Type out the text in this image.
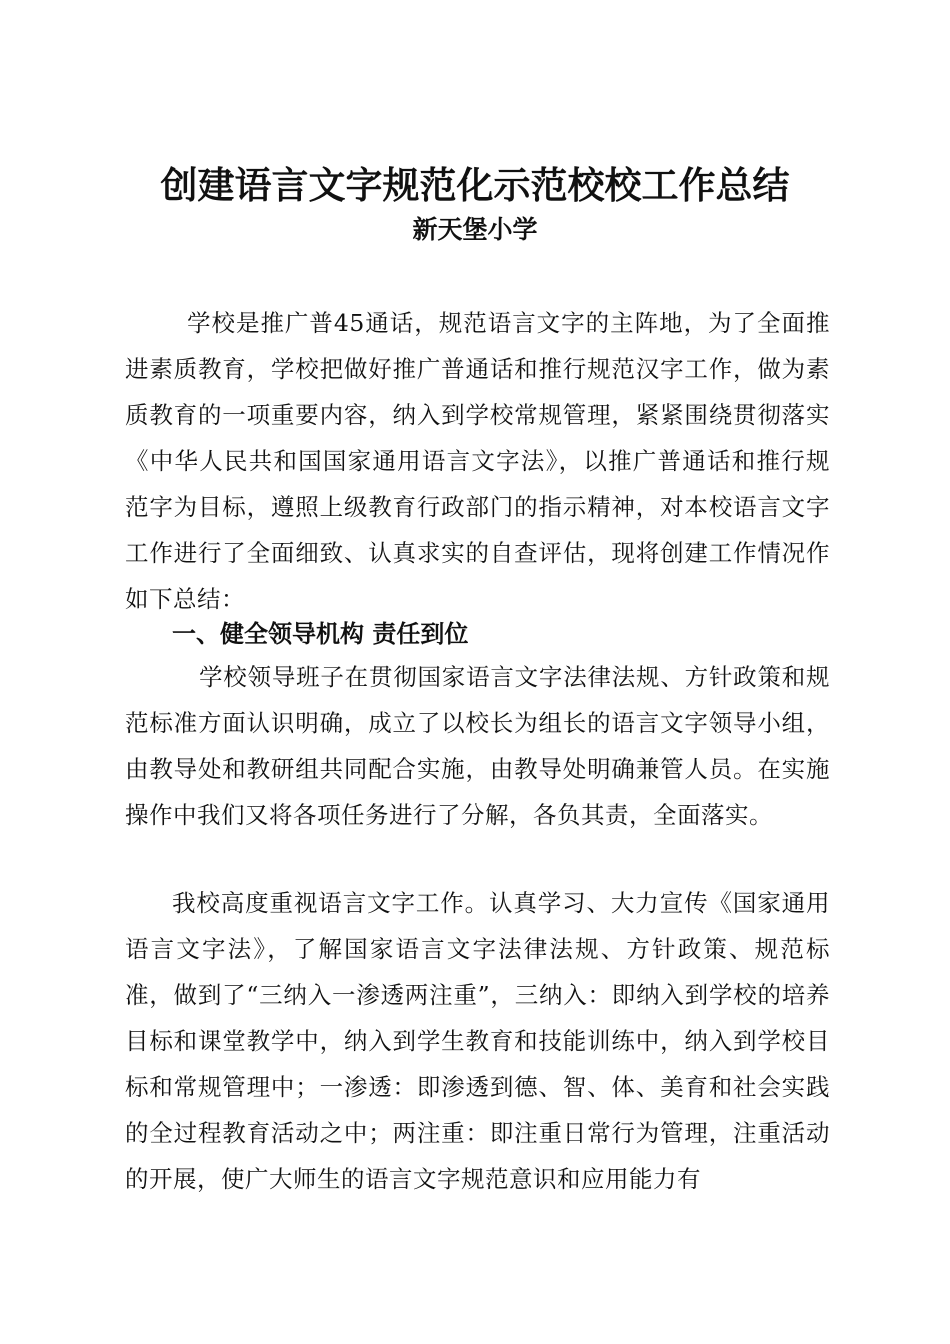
创建语言文字规范化示范校校工作总结
新天堡小学

学校是推广普45通话，规范语言文字的主阵地，为了全面推进素质教育，学校把做好推广普通话和推行规范汉字工作，做为素质教育的一项重要内容，纳入到学校常规管理，紧紧围绕贯彻落实《中华人民共和国国家通用语言文字法》，以推广普通话和推行规范字为目标，遵照上级教育行政部门的指示精神，对本校语言文字工作进行了全面细致、认真求实的自查评估，现将创建工作情况作如下总结：

一、健全领导机构 责任到位

学校领导班子在贯彻国家语言文字法律法规、方针政策和规范标准方面认识明确，成立了以校长为组长的语言文字领导小组，由教导处和教研组共同配合实施，由教导处明确兼管人员。在实施操作中我们又将各项任务进行了分解，各负其责，全面落实。

我校高度重视语言文字工作。认真学习、大力宣传《国家通用语言文字法》，了解国家语言文字法律法规、方针政策、规范标准，做到了“三纳入一渗透两注重”，三纳入：即纳入到学校的培养目标和课堂教学中，纳入到学生教育和技能训练中，纳入到学校目标和常规管理中；一渗透：即渗透到德、智、体、美育和社会实践的全过程教育活动之中；两注重：即注重日常行为管理，注重活动的开展，使广大师生的语言文字规范意识和应用能力有
